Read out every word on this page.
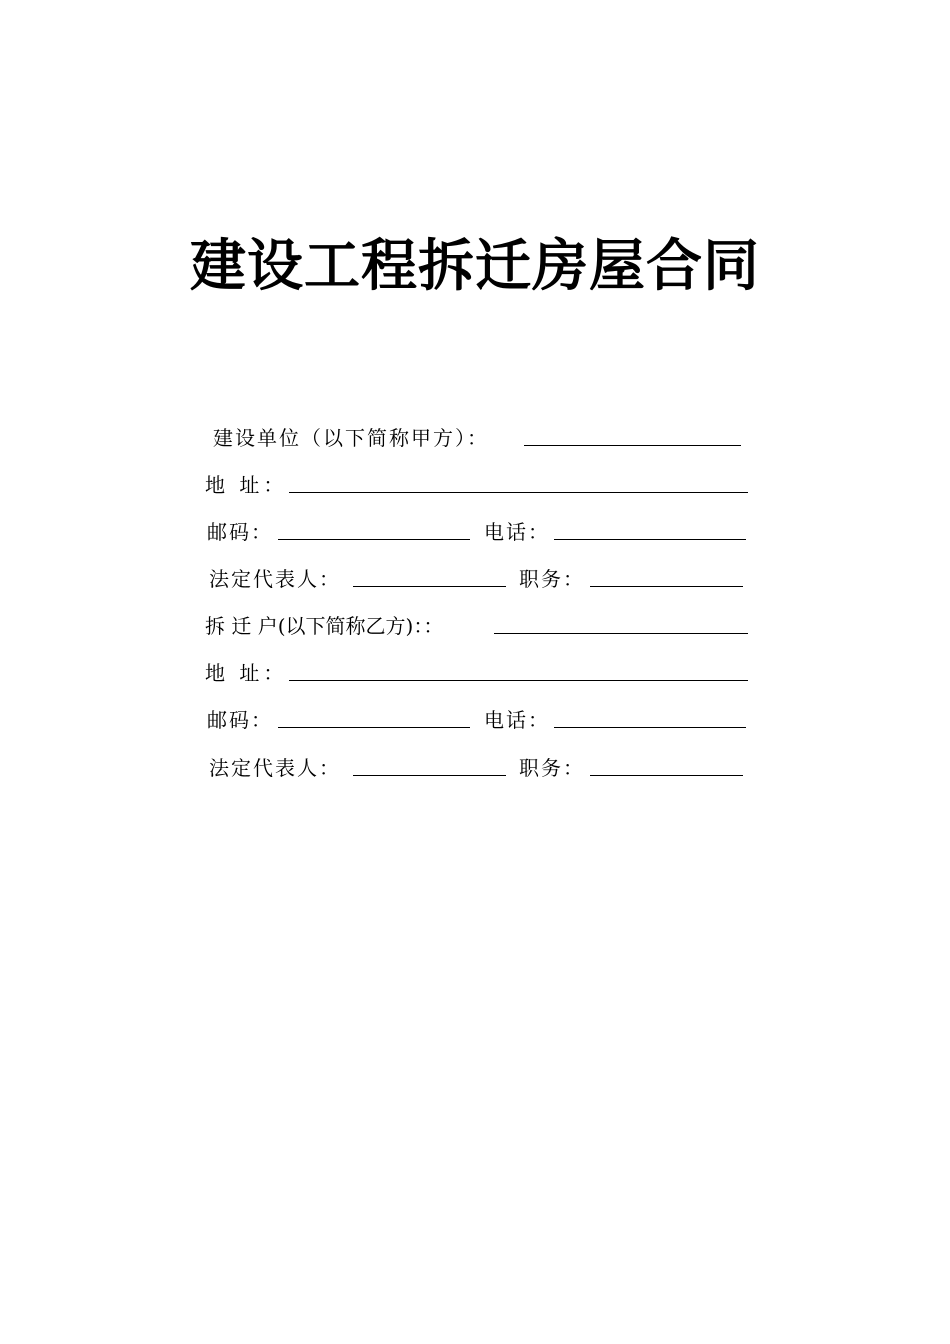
建设工程拆迁房屋合同
建设单位（以下简称甲方）：
地 址：
邮码：	电话：
法定代表人：	职务：
拆 迁 户(以下简称乙方)：：
地 址：
邮码：	电话：
法定代表人：	职务：
